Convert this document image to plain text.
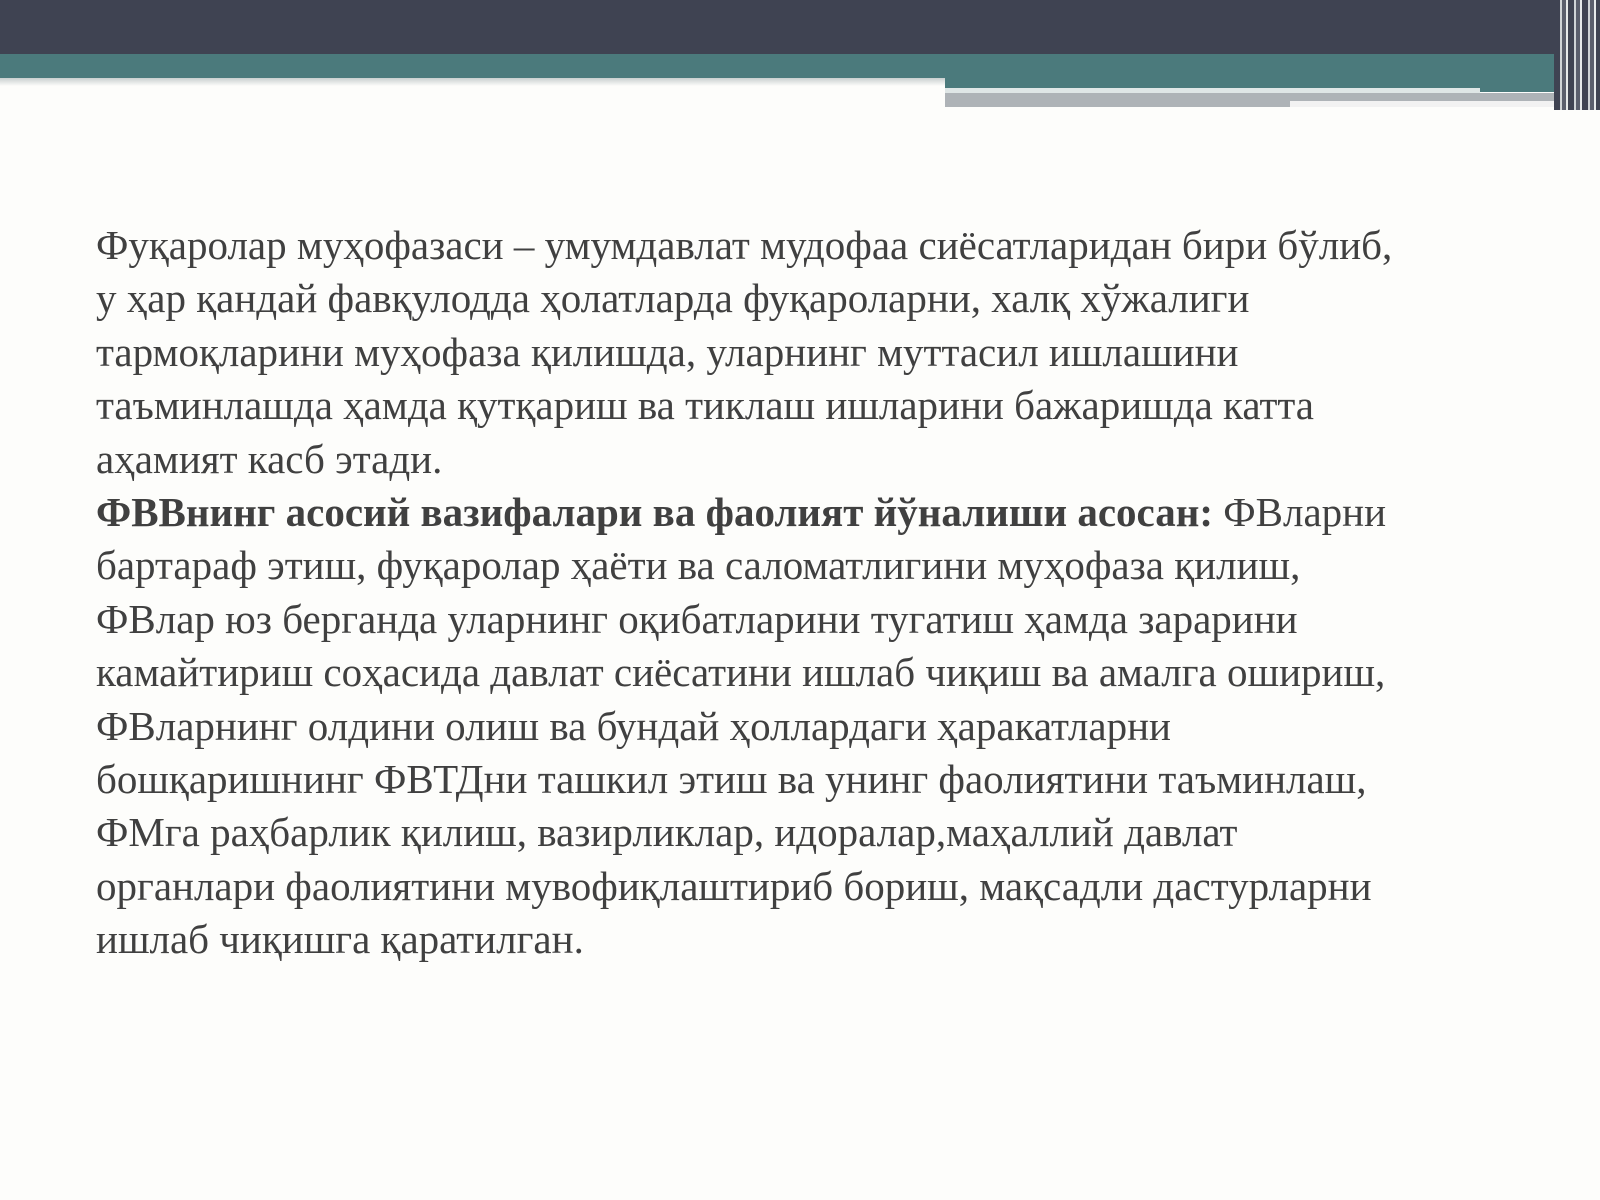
Фуқаролар муҳофазаси – умумдавлат мудофаа сиёсатларидан бири бўлиб,
у ҳар қандай фавқулодда ҳолатларда фуқароларни, халқ хўжалиги
тармоқларини муҳофаза қилишда, уларнинг муттасил ишлашини
таъминлашда ҳамда қутқариш ва тиклаш ишларини бажаришда катта
аҳамият касб этади.
ФВВнинг асосий вазифалари ва фаолият йўналиши асосан: ФВларни
бартараф этиш, фуқаролар ҳаёти ва саломатлигини муҳофаза қилиш,
ФВлар юз берганда уларнинг оқибатларини тугатиш ҳамда зарарини
камайтириш соҳасида давлат сиёсатини ишлаб чиқиш ва амалга ошириш,
ФВларнинг олдини олиш ва бундай ҳоллардаги ҳаракатларни
бошқаришнинг ФВТДни ташкил этиш ва унинг фаолиятини таъминлаш,
ФМга раҳбарлик қилиш, вазирликлар, идоралар,маҳаллий давлат
органлари фаолиятини мувофиқлаштириб бориш, мақсадли дастурларни
ишлаб чиқишга қаратилган.
